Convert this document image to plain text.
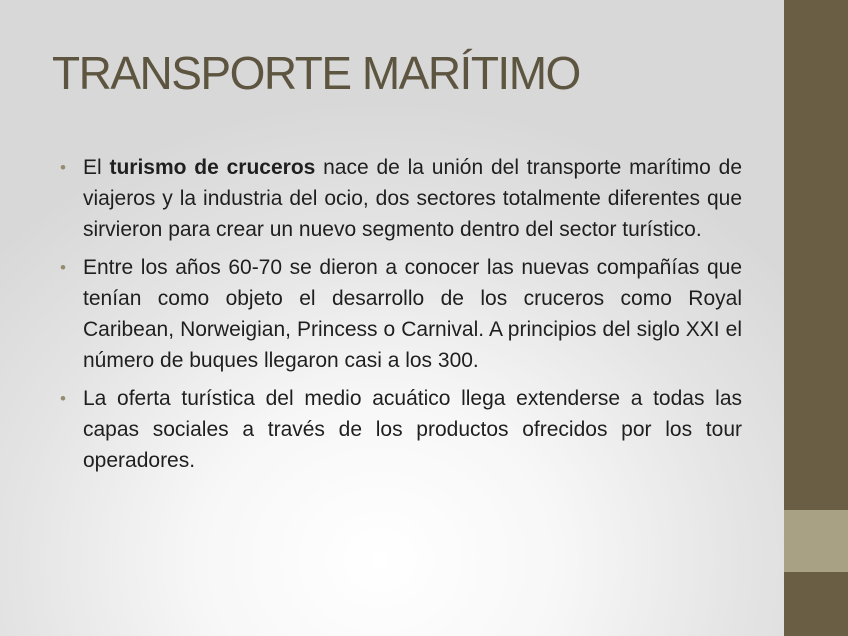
TRANSPORTE MARÍTIMO
• El turismo de cruceros nace de la unión del transporte marítimo de viajeros y la industria del ocio, dos sectores totalmente diferentes que sirvieron para crear un nuevo segmento dentro del sector turístico.
• Entre los años 60-70 se dieron a conocer las nuevas compañías que tenían como objeto el desarrollo de los cruceros como Royal Caribean, Norweigian, Princess o Carnival. A principios del siglo XXI el número de buques llegaron casi a los 300.
• La oferta turística del medio acuático llega extenderse a todas las capas sociales a través de los productos ofrecidos por los tour operadores.
